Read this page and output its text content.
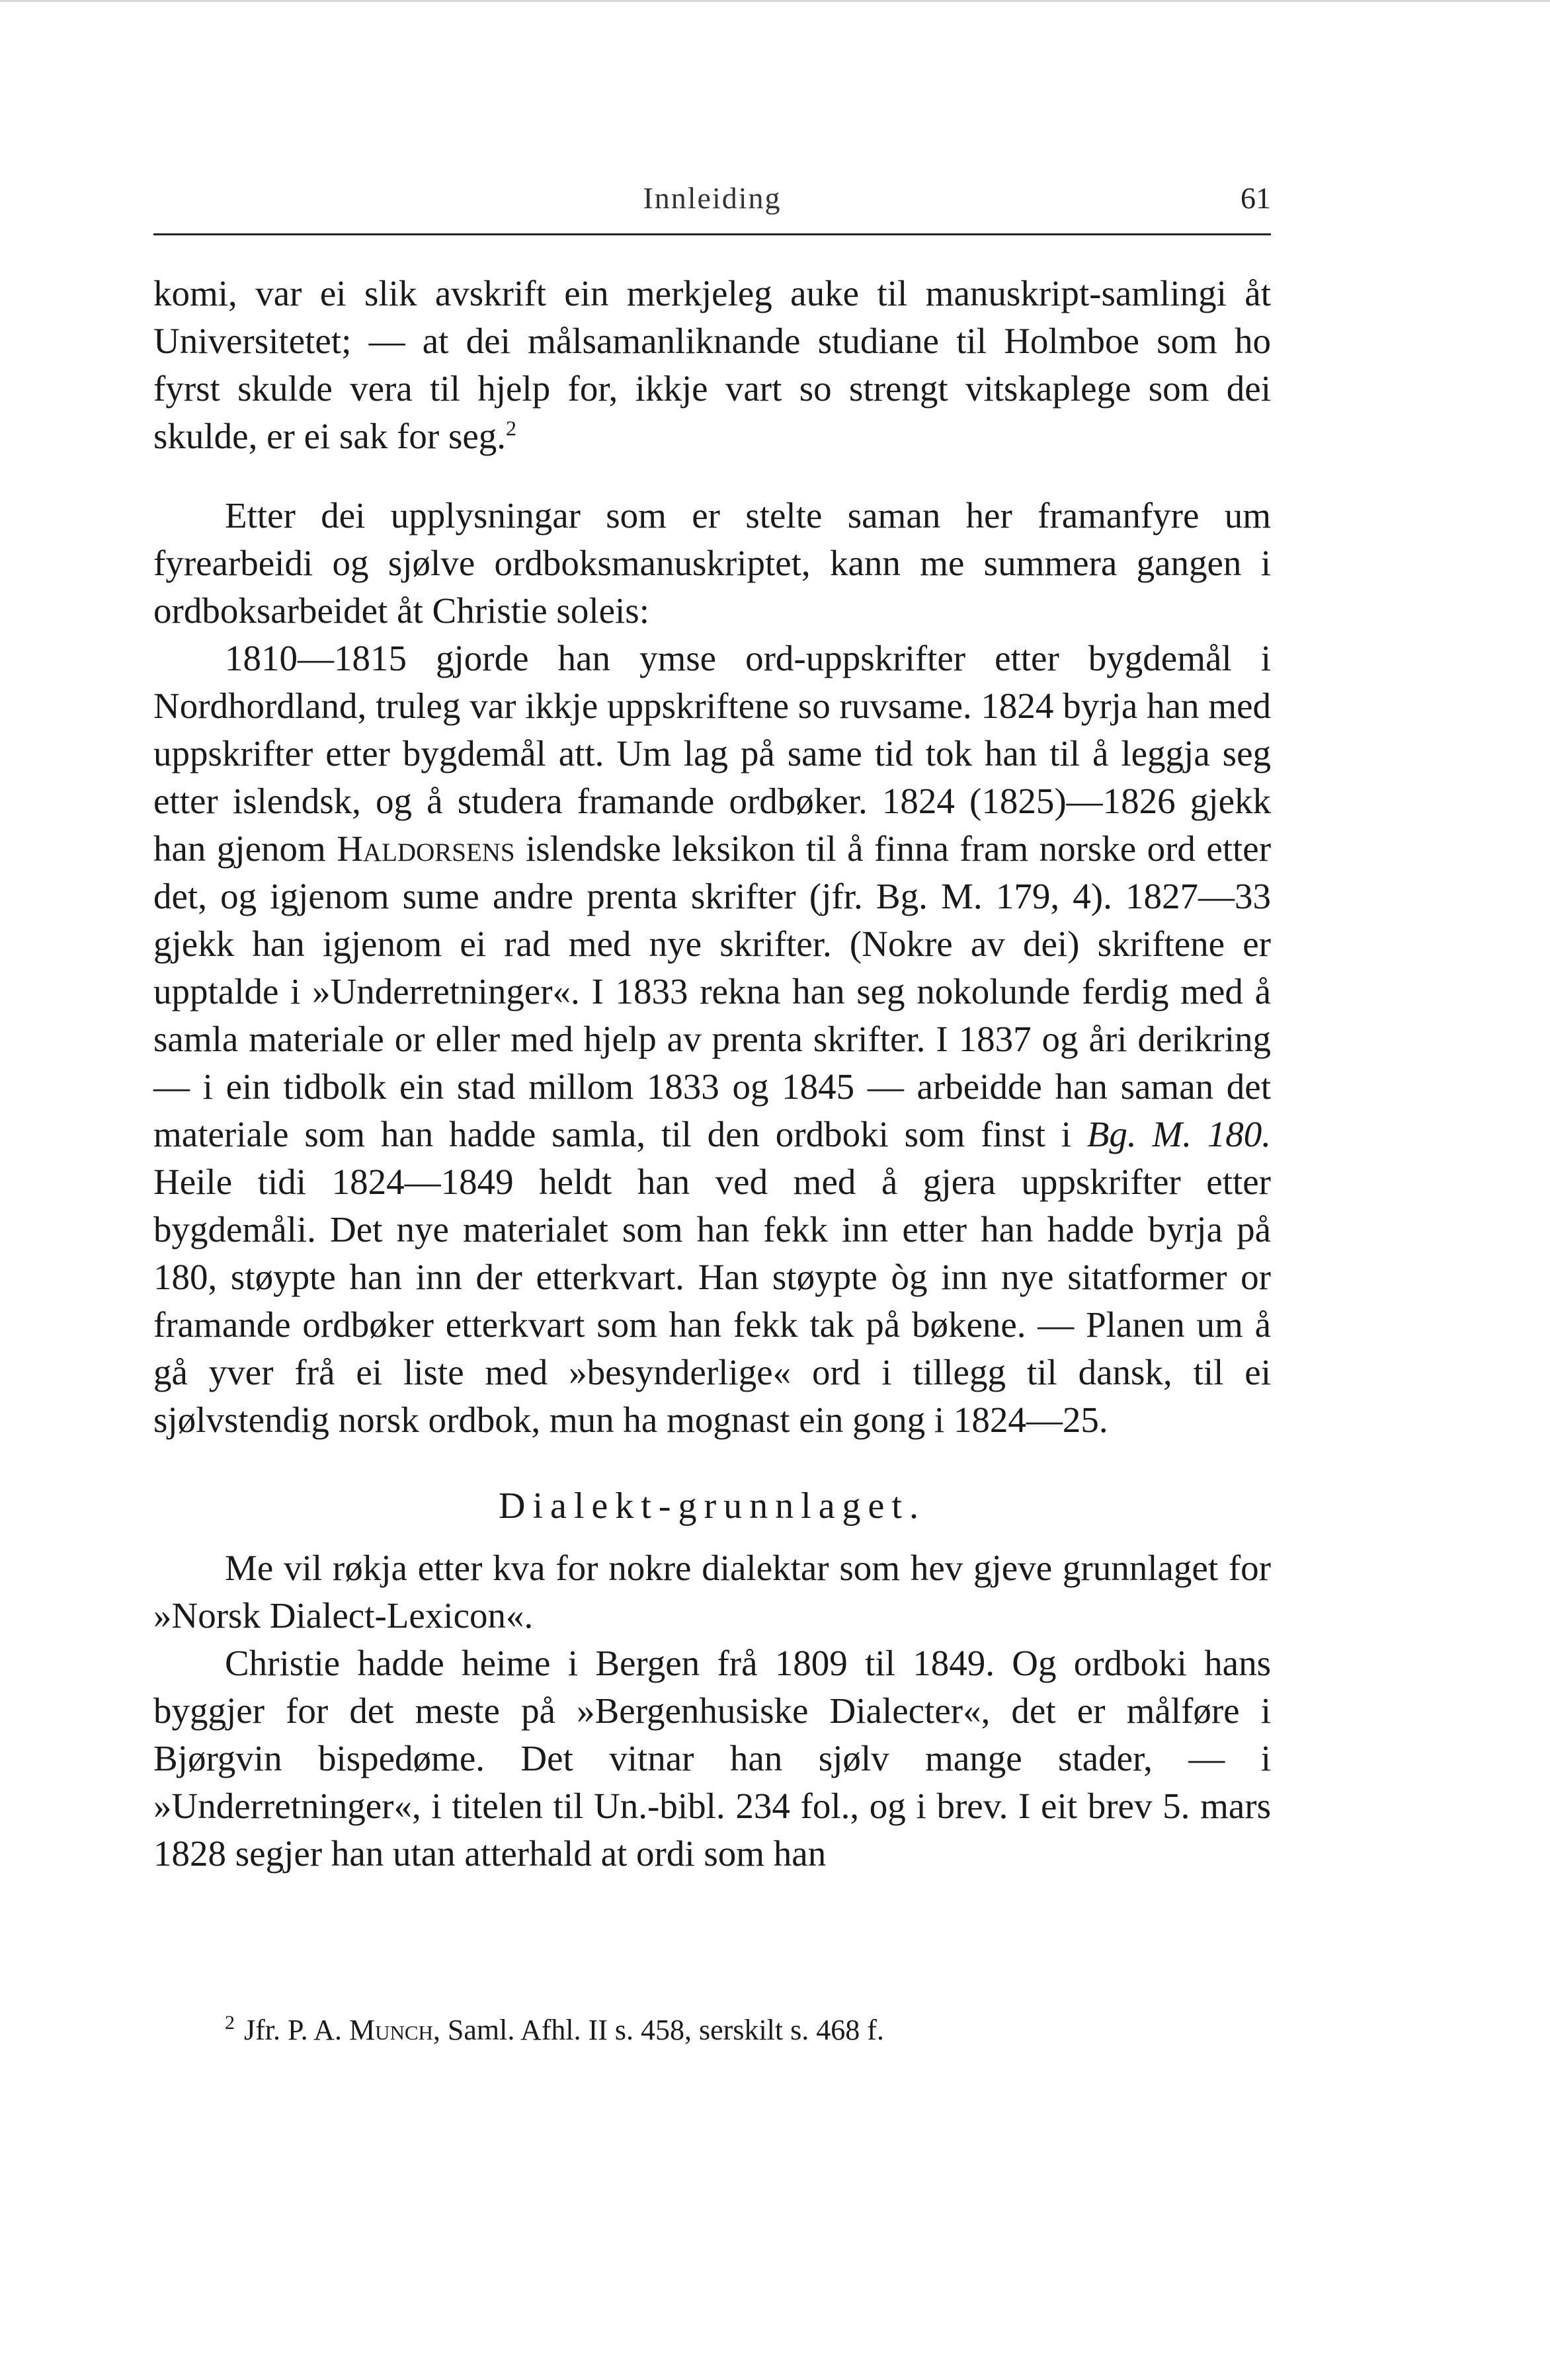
Innleiding	61

komi, var ei slik avskrift ein merkjeleg auke til manuskript-samlingi åt Universitetet; — at dei målsamanliknande studiane til Holmboe som ho fyrst skulde vera til hjelp for, ikkje vart so strengt vitskaplege som dei skulde, er ei sak for seg.$^2$

Etter dei upplysningar som er stelte saman her framanfyre um fyrearbeidi og sjølve ordboksmanuskriptet, kann me summera gangen i ordboksarbeidet åt Christie soleis:

1810—1815 gjorde han ymse ord-uppskrifter etter bygdemål i Nordhordland, truleg var ikkje uppskriftene so ruvsame. 1824 byrja han med uppskrifter etter bygdemål att. Um lag på same tid tok han til å leggja seg etter islendsk, og å studera framande ordbøker. 1824 (1825)—1826 gjekk han gjenom Haldorsens islendske leksikon til å finna fram norske ord etter det, og igjenom sume andre prenta skrifter (jfr. Bg. M. 179, 4). 1827—33 gjekk han igjenom ei rad med nye skrifter. (Nokre av dei) skriftene er upptalde i »Underretninger«. I 1833 rekna han seg nokolunde ferdig med å samla materiale or eller med hjelp av prenta skrifter. I 1837 og åri derikring — i ein tidbolk ein stad millom 1833 og 1845 — arbeidde han saman det materiale som han hadde samla, til den ordboki som finst i Bg. M. 180. Heile tidi 1824—1849 heldt han ved med å gjera uppskrifter etter bygdemåli. Det nye materialet som han fekk inn etter han hadde byrja på 180, støypte han inn der etterkvart. Han støypte òg inn nye sitatformer or framande ordbøker etterkvart som han fekk tak på bøkene. — Planen um å gå yver frå ei liste med »besynderlige« ord i tillegg til dansk, til ei sjølvstendig norsk ordbok, mun ha mognast ein gong i 1824—25.

Dialekt-grunnlaget.

Me vil røkja etter kva for nokre dialektar som hev gjeve grunnlaget for »Norsk Dialect-Lexicon«.

Christie hadde heime i Bergen frå 1809 til 1849. Og ordboki hans byggjer for det meste på »Bergenhusiske Dialecter«, det er målføre i Bjørgvin bispedøme. Det vitnar han sjølv mange stader, — i »Underretninger«, i titelen til Un.-bibl. 234 fol., og i brev. I eit brev 5. mars 1828 segjer han utan atterhald at ordi som han

$^2$ Jfr. P. A. Munch, Saml. Afhl. II s. 458, serskilt s. 468 f.
